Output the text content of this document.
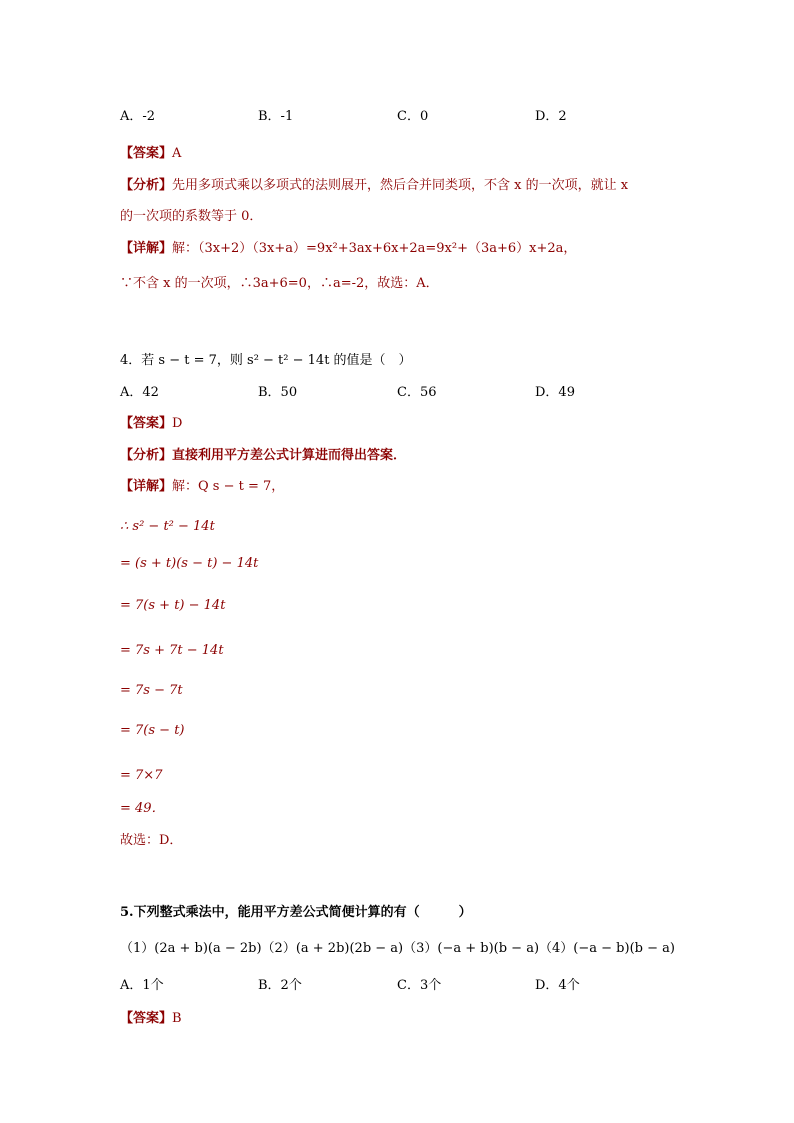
A．-2	B．-1	C．0	D．2
【答案】A
【分析】先用多项式乘以多项式的法则展开，然后合并同类项，不含 x 的一次项，就让 x
的一次项的系数等于 0．
【详解】解：（3x+2）（3x+a）=9x²+3ax+6x+2a=9x²+（3a+6）x+2a，
∵不含 x 的一次项，∴3a+6=0，∴a=-2，故选：A．
4．若 s − t = 7，则 s² − t² − 14t 的值是（　）
A．42	B．50	C．56	D．49
【答案】D
【分析】直接利用平方差公式计算进而得出答案．
【详解】解：Q s − t = 7，
∴ s² − t² − 14t
= (s + t)(s − t) − 14t
= 7(s + t) − 14t
= 7s + 7t − 14t
= 7s − 7t
= 7(s − t)
= 7×7
= 49．
故选：D．
5.下列整式乘法中，能用平方差公式简便计算的有（　　　）
（1）(2a + b)(a − 2b)（2）(a + 2b)(2b − a)（3）(−a + b)(b − a)（4）(−a − b)(b − a)
A．1个	B．2个	C．3个	D．4个
【答案】B
